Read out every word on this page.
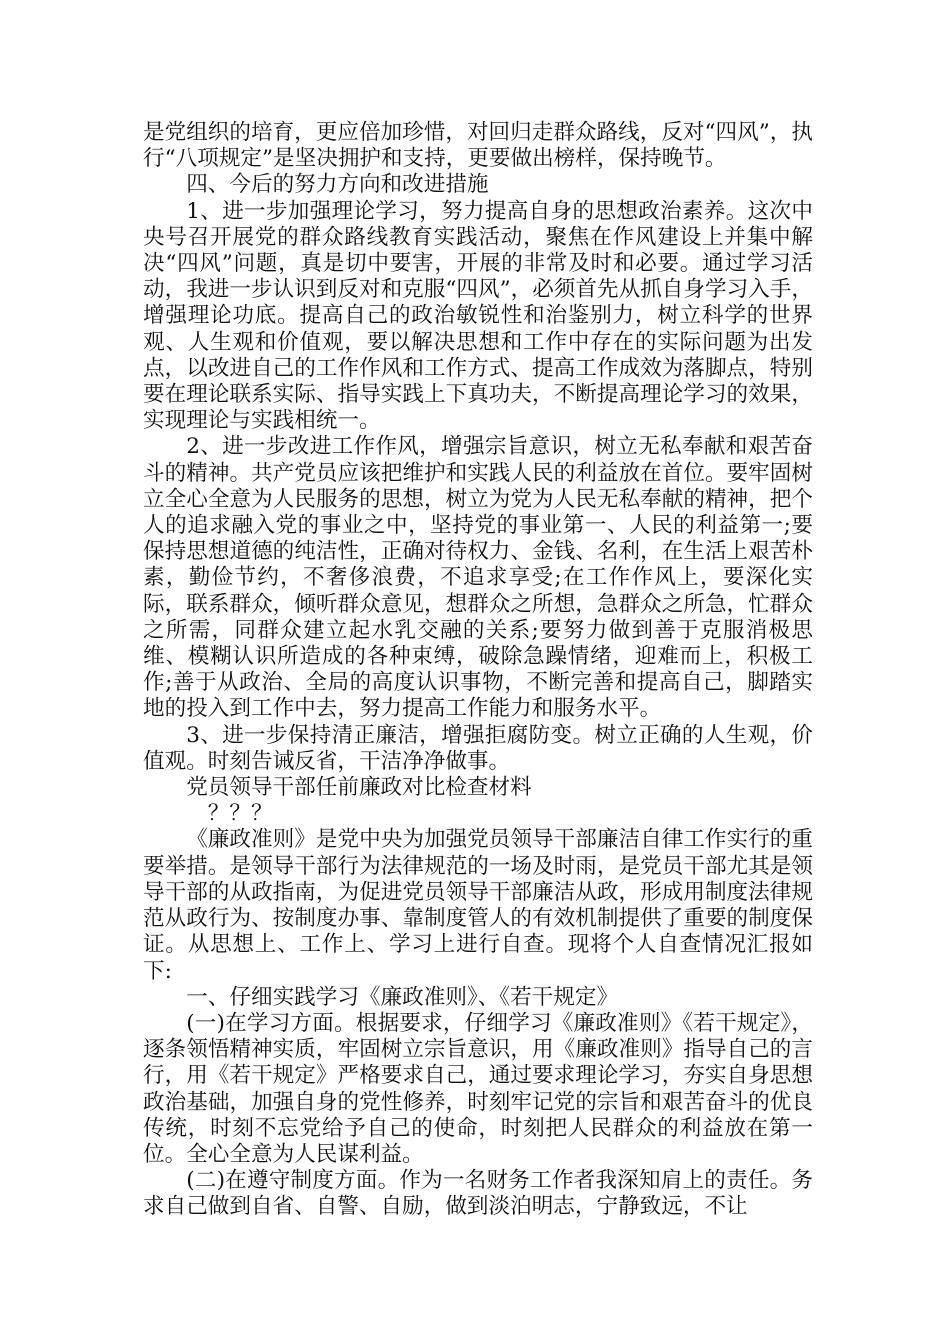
是党组织的培育，更应倍加珍惜，对回归走群众路线，反对“四风”，执行“八项规定”是坚决拥护和支持，更要做出榜样，保持晚节。

四、今后的努力方向和改进措施

1、进一步加强理论学习，努力提高自身的思想政治素养。这次中央号召开展党的群众路线教育实践活动，聚焦在作风建设上并集中解决“四风”问题，真是切中要害，开展的非常及时和必要。通过学习活动，我进一步认识到反对和克服“四风”，必须首先从抓自身学习入手，增强理论功底。提高自己的政治敏锐性和治鉴别力，树立科学的世界观、人生观和价值观，要以解决思想和工作中存在的实际问题为出发点，以改进自己的工作作风和工作方式、提高工作成效为落脚点，特别要在理论联系实际、指导实践上下真功夫，不断提高理论学习的效果，实现理论与实践相统一。

2、进一步改进工作作风，增强宗旨意识，树立无私奉献和艰苦奋斗的精神。共产党员应该把维护和实践人民的利益放在首位。要牢固树立全心全意为人民服务的思想，树立为党为人民无私奉献的精神，把个人的追求融入党的事业之中，坚持党的事业第一、人民的利益第一;要保持思想道德的纯洁性，正确对待权力、金钱、名利，在生活上艰苦朴素，勤俭节约，不奢侈浪费，不追求享受;在工作作风上，要深化实际，联系群众，倾听群众意见，想群众之所想，急群众之所急，忙群众之所需，同群众建立起水乳交融的关系;要努力做到善于克服消极思维、模糊认识所造成的各种束缚，破除急躁情绪，迎难而上，积极工作;善于从政治、全局的高度认识事物，不断完善和提高自己，脚踏实地的投入到工作中去，努力提高工作能力和服务水平。

3、进一步保持清正廉洁，增强拒腐防变。树立正确的人生观，价值观。时刻告诫反省，干洁净净做事。

党员领导干部任前廉政对比检查材料

？？？

《廉政准则》是党中央为加强党员领导干部廉洁自律工作实行的重要举措。是领导干部行为法律规范的一场及时雨，是党员干部尤其是领导干部的从政指南，为促进党员领导干部廉洁从政，形成用制度法律规范从政行为、按制度办事、靠制度管人的有效机制提供了重要的制度保证。从思想上、工作上、学习上进行自查。现将个人自查情况汇报如下:

一、仔细实践学习《廉政准则》、《若干规定》

(一)在学习方面。根据要求，仔细学习《廉政准则》《若干规定》，逐条领悟精神实质，牢固树立宗旨意识，用《廉政准则》指导自己的言行，用《若干规定》严格要求自己，通过要求理论学习，夯实自身思想政治基础，加强自身的党性修养，时刻牢记党的宗旨和艰苦奋斗的优良传统，时刻不忘党给予自己的使命，时刻把人民群众的利益放在第一位。全心全意为人民谋利益。

(二)在遵守制度方面。作为一名财务工作者我深知肩上的责任。务求自己做到自省、自警、自励，做到淡泊明志，宁静致远，不让
